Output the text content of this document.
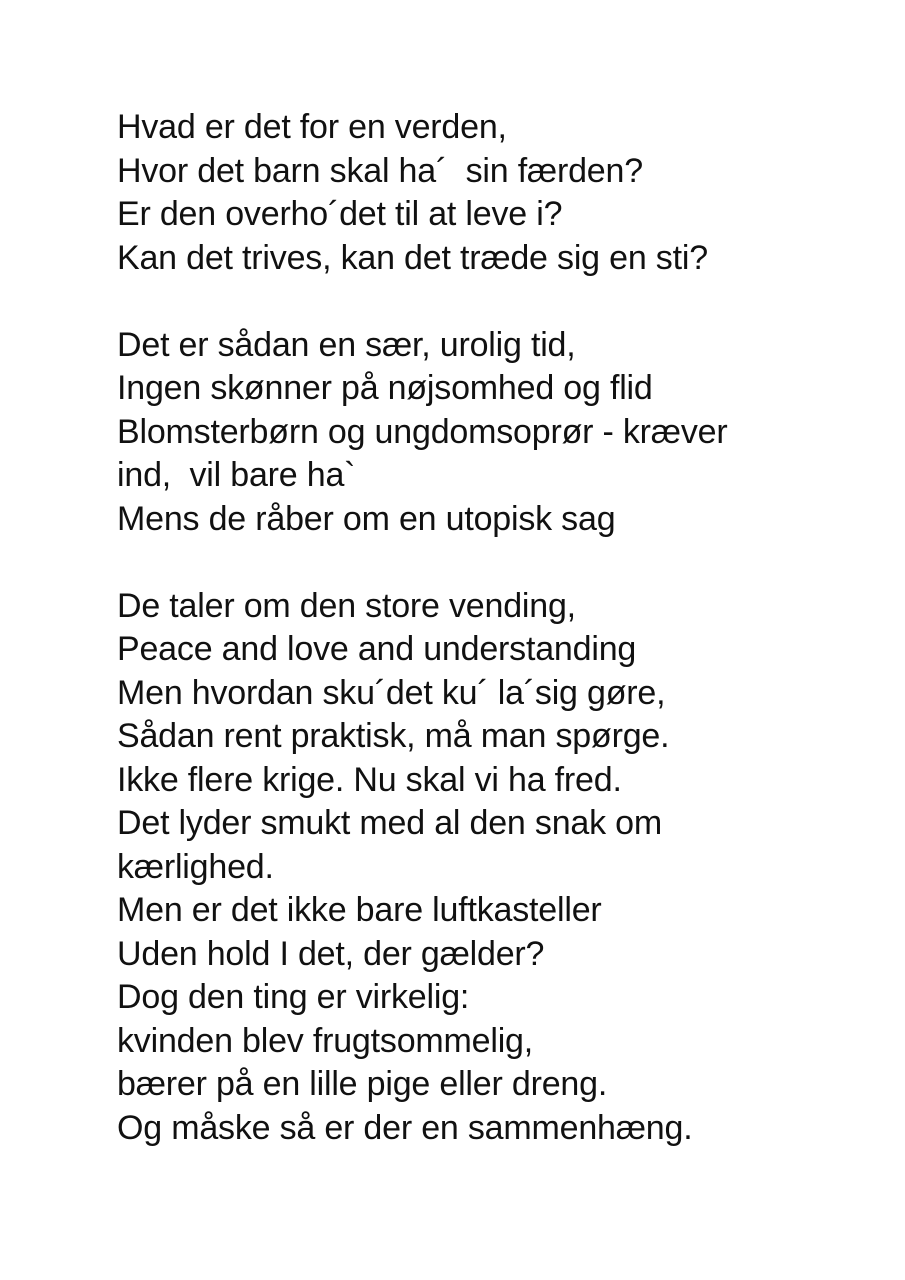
Hvad er det for en verden,
Hvor det barn skal ha´  sin færden?
Er den overho´det til at leve i?
Kan det trives, kan det træde sig en sti?

Det er sådan en sær, urolig tid,
Ingen skønner på nøjsomhed og flid
Blomsterbørn og ungdomsoprør - kræver
ind,  vil bare ha`
Mens de råber om en utopisk sag

De taler om den store vending,
Peace and love and understanding
Men hvordan sku´det ku´ la´sig gøre,
Sådan rent praktisk, må man spørge.
Ikke flere krige. Nu skal vi ha fred.
Det lyder smukt med al den snak om
kærlighed.
Men er det ikke bare luftkasteller
Uden hold I det, der gælder?
Dog den ting er virkelig:
kvinden blev frugtsommelig,
bærer på en lille pige eller dreng.
Og måske så er der en sammenhæng.
